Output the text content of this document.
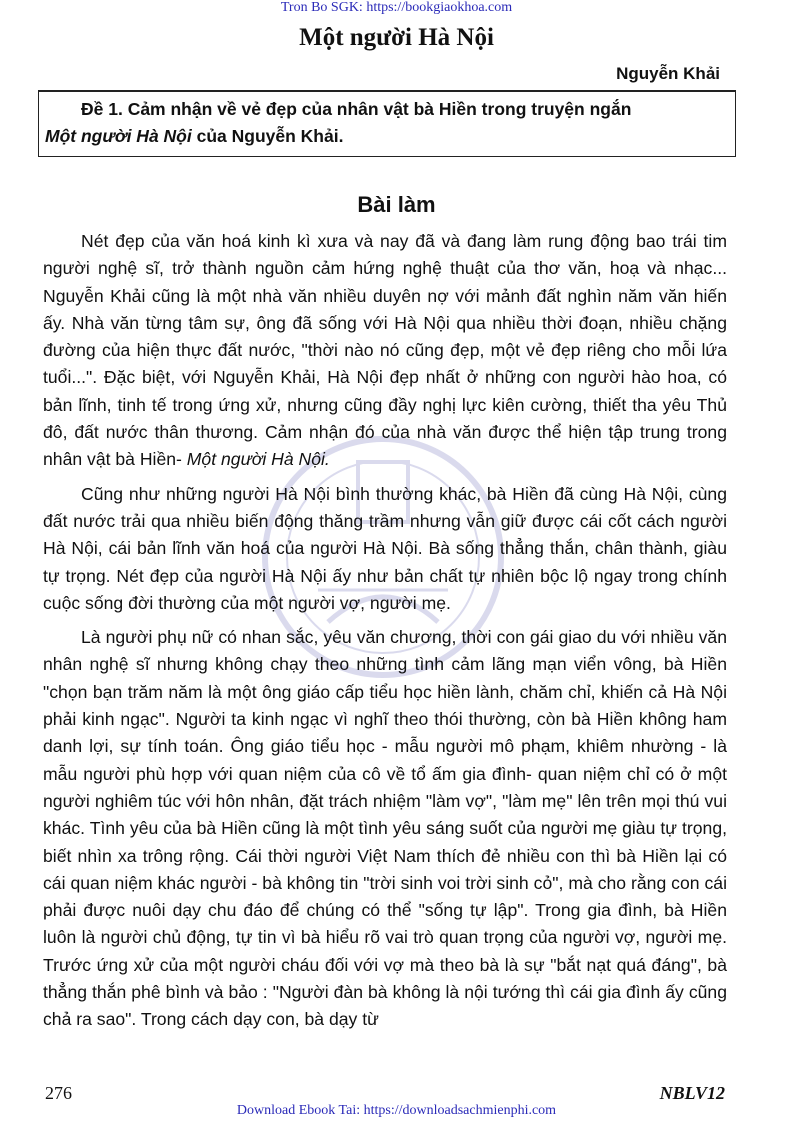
Tron Bo SGK: https://bookgiaokhoa.com
Một người Hà Nội
Nguyễn Khải
Đề 1. Cảm nhận về vẻ đẹp của nhân vật bà Hiền trong truyện ngắn
Một người Hà Nội của Nguyễn Khải.
Bài làm

Nét đẹp của văn hoá kinh kì xưa và nay đã và đang làm rung động bao trái tim người nghệ sĩ, trở thành nguồn cảm hứng nghệ thuật của thơ văn, hoạ và nhạc... Nguyễn Khải cũng là một nhà văn nhiều duyên nợ với mảnh đất nghìn năm văn hiến ấy. Nhà văn từng tâm sự, ông đã sống với Hà Nội qua nhiều thời đoạn, nhiều chặng đường của hiện thực đất nước, "thời nào nó cũng đẹp, một vẻ đẹp riêng cho mỗi lứa tuổi...". Đặc biệt, với Nguyễn Khải, Hà Nội đẹp nhất ở những con người hào hoa, có bản lĩnh, tinh tế trong ứng xử, nhưng cũng đầy nghị lực kiên cường, thiết tha yêu Thủ đô, đất nước thân thương. Cảm nhận đó của nhà văn được thể hiện tập trung trong nhân vật bà Hiền- Một người Hà Nội.

Cũng như những người Hà Nội bình thường khác, bà Hiền đã cùng Hà Nội, cùng đất nước trải qua nhiều biến động thăng trầm nhưng vẫn giữ được cái cốt cách người Hà Nội, cái bản lĩnh văn hoá của người Hà Nội. Bà sống thẳng thắn, chân thành, giàu tự trọng. Nét đẹp của người Hà Nội ấy như bản chất tự nhiên bộc lộ ngay trong chính cuộc sống đời thường của một người vợ, người mẹ.

Là người phụ nữ có nhan sắc, yêu văn chương, thời con gái giao du với nhiều văn nhân nghệ sĩ nhưng không chạy theo những tình cảm lãng mạn viển vông, bà Hiền "chọn bạn trăm năm là một ông giáo cấp tiểu học hiền lành, chăm chỉ, khiến cả Hà Nội phải kinh ngạc". Người ta kinh ngạc vì nghĩ theo thói thường, còn bà Hiền không ham danh lợi, sự tính toán. Ông giáo tiểu học - mẫu người mô phạm, khiêm nhường - là mẫu người phù hợp với quan niệm của cô về tổ ấm gia đình- quan niệm chỉ có ở một người nghiêm túc với hôn nhân, đặt trách nhiệm "làm vợ", "làm mẹ" lên trên mọi thú vui khác. Tình yêu của bà Hiền cũng là một tình yêu sáng suốt của người mẹ giàu tự trọng, biết nhìn xa trông rộng. Cái thời người Việt Nam thích đẻ nhiều con thì bà Hiền lại có cái quan niệm khác người - bà không tin "trời sinh voi trời sinh cỏ", mà cho rằng con cái phải được nuôi dạy chu đáo để chúng có thể "sống tự lập". Trong gia đình, bà Hiền luôn là người chủ động, tự tin vì bà hiểu rõ vai trò quan trọng của người vợ, người mẹ. Trước ứng xử của một người cháu đối với vợ mà theo bà là sự "bắt nạt quá đáng", bà thẳng thắn phê bình và bảo : "Người đàn bà không là nội tướng thì cái gia đình ấy cũng chả ra sao". Trong cách dạy con, bà dạy từ

276	NBLV12
Download Ebook Tai: https://downloadsachmienphi.com
